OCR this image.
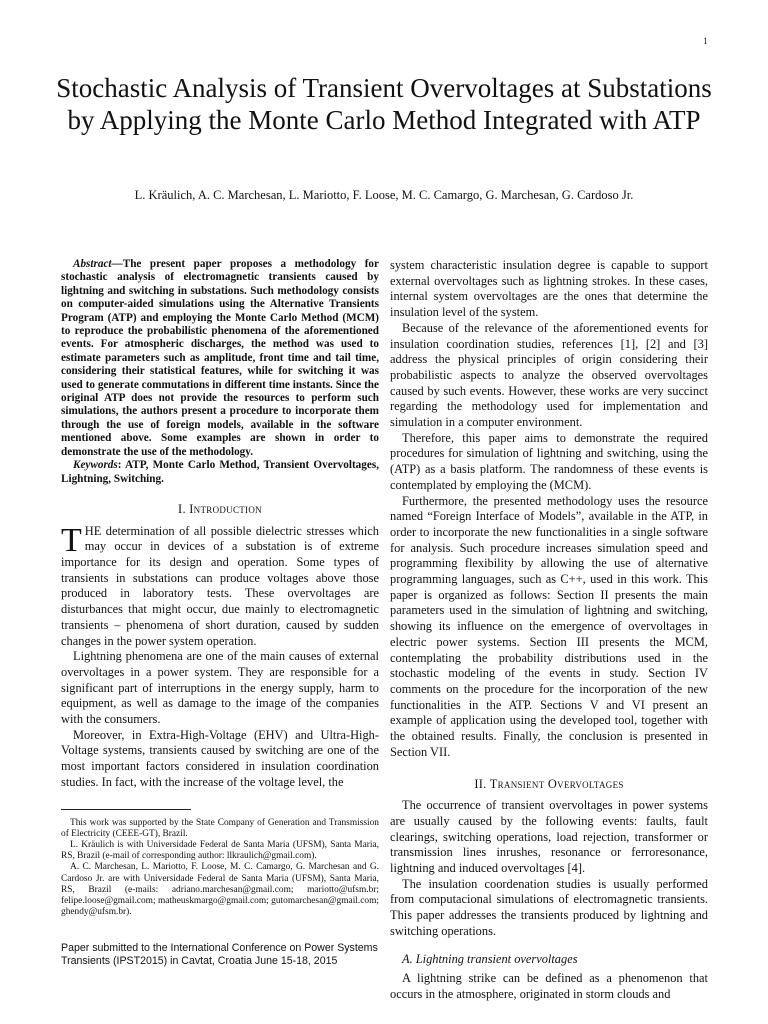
1
Stochastic Analysis of Transient Overvoltages at Substations by Applying the Monte Carlo Method Integrated with ATP
L. Kräulich, A. C. Marchesan, L. Mariotto, F. Loose, M. C. Camargo, G. Marchesan, G. Cardoso Jr.

Abstract—The present paper proposes a methodology for stochastic analysis of electromagnetic transients caused by lightning and switching in substations. Such methodology consists on computer-aided simulations using the Alternative Transients Program (ATP) and employing the Monte Carlo Method (MCM) to reproduce the probabilistic phenomena of the aforementioned events. For atmospheric discharges, the method was used to estimate parameters such as amplitude, front time and tail time, considering their statistical features, while for switching it was used to generate commutations in different time instants. Since the original ATP does not provide the resources to perform such simulations, the authors present a procedure to incorporate them through the use of foreign models, available in the software mentioned above. Some examples are shown in order to demonstrate the use of the methodology.

Keywords: ATP, Monte Carlo Method, Transient Overvoltages, Lightning, Switching.

I. Introduction

THE determination of all possible dielectric stresses which may occur in devices of a substation is of extreme importance for its design and operation. Some types of transients in substations can produce voltages above those produced in laboratory tests. These overvoltages are disturbances that might occur, due mainly to electromagnetic transients – phenomena of short duration, caused by sudden changes in the power system operation.

Lightning phenomena are one of the main causes of external overvoltages in a power system. They are responsible for a significant part of interruptions in the energy supply, harm to equipment, as well as damage to the image of the companies with the consumers.

Moreover, in Extra-High-Voltage (EHV) and Ultra-High-Voltage systems, transients caused by switching are one of the most important factors considered in insulation coordination studies. In fact, with the increase of the voltage level, the

This work was supported by the State Company of Generation and Transmission of Electricity (CEEE-GT), Brazil.

L. Kräulich is with Universidade Federal de Santa Maria (UFSM), Santa Maria, RS, Brazil (e-mail of corresponding author: llkraulich@gmail.com).

A. C. Marchesan, L. Mariotto, F. Loose, M. C. Camargo, G. Marchesan and G. Cardoso Jr. are with Universidade Federal de Santa Maria (UFSM), Santa Maria, RS, Brazil (e-mails: adriano.marchesan@gmail.com; mariotto@ufsm.br; felipe.loose@gmail.com; matheuskmargo@gmail.com; gutomarchesan@gmail.com; ghendy@ufsm.br).

Paper submitted to the International Conference on Power Systems Transients (IPST2015) in Cavtat, Croatia June 15-18, 2015

system characteristic insulation degree is capable to support external overvoltages such as lightning strokes. In these cases, internal system overvoltages are the ones that determine the insulation level of the system.

Because of the relevance of the aforementioned events for insulation coordination studies, references [1], [2] and [3] address the physical principles of origin considering their probabilistic aspects to analyze the observed overvoltages caused by such events. However, these works are very succinct regarding the methodology used for implementation and simulation in a computer environment.

Therefore, this paper aims to demonstrate the required procedures for simulation of lightning and switching, using the (ATP) as a basis platform. The randomness of these events is contemplated by employing the (MCM).

Furthermore, the presented methodology uses the resource named “Foreign Interface of Models”, available in the ATP, in order to incorporate the new functionalities in a single software for analysis. Such procedure increases simulation speed and programming flexibility by allowing the use of alternative programming languages, such as C++, used in this work. This paper is organized as follows: Section II presents the main parameters used in the simulation of lightning and switching, showing its influence on the emergence of overvoltages in electric power systems. Section III presents the MCM, contemplating the probability distributions used in the stochastic modeling of the events in study. Section IV comments on the procedure for the incorporation of the new functionalities in the ATP. Sections V and VI present an example of application using the developed tool, together with the obtained results. Finally, the conclusion is presented in Section VII.

II. Transient Overvoltages

The occurrence of transient overvoltages in power systems are usually caused by the following events: faults, fault clearings, switching operations, load rejection, transformer or transmission lines inrushes, resonance or ferroresonance, lightning and induced overvoltages [4].

The insulation coordenation studies is usually performed from computacional simulations of electromagnetic transients. This paper addresses the transients produced by lightning and switching operations.

A. Lightning transient overvoltages

A lightning strike can be defined as a phenomenon that occurs in the atmosphere, originated in storm clouds and
